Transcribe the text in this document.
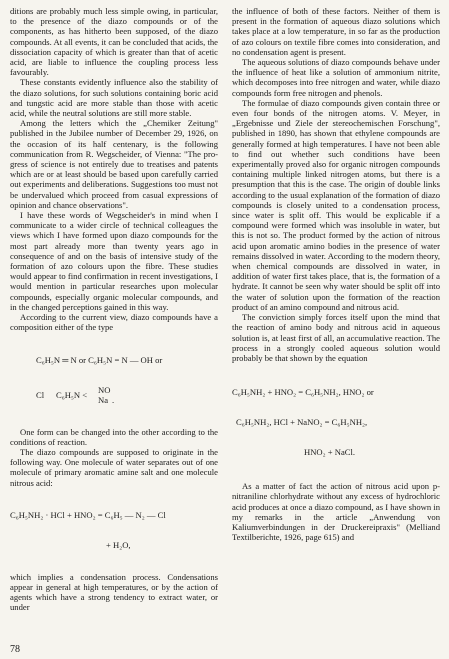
ditions are probably much less simple owing, in particular, to the presence of the diazo compounds or of the components, as has hitherto been supposed, of the diazo compounds. At all events, it can be concluded that acids, the dissociation capacity of which is greater than that of acetic acid, are liable to influence the coupling process less favourably.

These constants evidently influence also the stability of the diazo solutions, for such solutions containing boric acid and tungstic acid are more stable than those with acetic acid, while the neutral solutions are still more stable.

Among the letters which the „Chemiker Zeitung" published in the Jubilee number of December 29, 1926, on the occasion of its half centenary, is the following communication from R. Wegscheider, of Vienna: "The progress of science is not entirely due to treatises and patents which are or at least should be based upon carefully carried out experiments and deliberations. Suggestions too must not be undervalued which proceed from casual expressions of opinion and chance observations".

I have these words of Wegscheider's in mind when I communicate to a wider circle of technical colleagues the views which I have formed upon diazo compounds for the most part already more than twenty years ago in consequence of and on the basis of intensive study of the formation of azo colours upon the fibre. These studies would appear to find confirmation in recent investigations, I would mention in particular researches upon molecular compounds, especially organic molecular compounds, and in the changed perceptions gained in this way.

According to the current view, diazo compounds have a composition either of the type

C₆H₅N ═ N or C₆H₅N = N — OH or

Cl

C₆H₅N <

NO

Na

.

One form can be changed into the other according to the conditions of reaction.

The diazo compounds are supposed to originate in the following way. One molecule of water separates out of one molecule of primary aromatic amine salt and one molecule nitrous acid:

C₆H₅NH₂ · HCl + HNO₂ = C₆H₅ — N₂ — Cl

+ H₂O,

which implies a condensation process. Condensations appear in general at high temperatures, or by the action of agents which have a strong tendency to extract water, or under

the influence of both of these factors. Neither of them is present in the formation of aqueous diazo solutions which takes place at a low temperature, in so far as the production of azo colours on textile fibre comes into consideration, and no condensation agent is present.

The aqueous solutions of diazo compounds behave under the influence of heat like a solution of ammonium nitrite, which decomposes into free nitrogen and water, while diazo compounds form free nitrogen and phenols.

The formulae of diazo compounds given contain three or even four bonds of the nitrogen atoms. V. Meyer, in „Ergebnisse und Ziele der stereochemischen Forschung", published in 1890, has shown that ethylene compounds are generally formed at high temperatures. I have not been able to find out whether such conditions have been experimentally proved also for organic nitrogen compounds containing multiple linked nitrogen atoms, but there is a presumption that this is the case. The origin of double links according to the usual explanation of the formation of diazo compounds is closely united to a condensation process, since water is split off. This would be explicable if a compound were formed which was insoluble in water, but this is not so. The product formed by the action of nitrous acid upon aromatic amino bodies in the presence of water remains dissolved in water. According to the modern theory, when chemical compounds are dissolved in water, in addition of water first takes place, that is, the formation of a hydrate. It cannot be seen why water should be split off into the water of solution upon the formation of the reaction product of an amino compound and nitrous acid.

The conviction simply forces itself upon the mind that the reaction of amino body and nitrous acid in aqueous solution is, at least first of all, an accumulative reaction. The process in a strongly cooled aqueous solution would probably be that shown by the equation

C₆H₅NH₂ + HNO₂ = C₆H₅NH₂, HNO₂ or

C₆H₅NH₂, HCl + NaNO₂ = C₆H₅NH₂,

HNO₂ + NaCl.

As a matter of fact the action of nitrous acid upon p-nitraniline chlorhydrate without any excess of hydrochloric acid produces at once a diazo compound, as I have shown in my remarks in the article „Anwendung von Kaliumverbindungen in der Druckereipraxis" (Melliand Textilberichte, 1926, page 615) and

78
